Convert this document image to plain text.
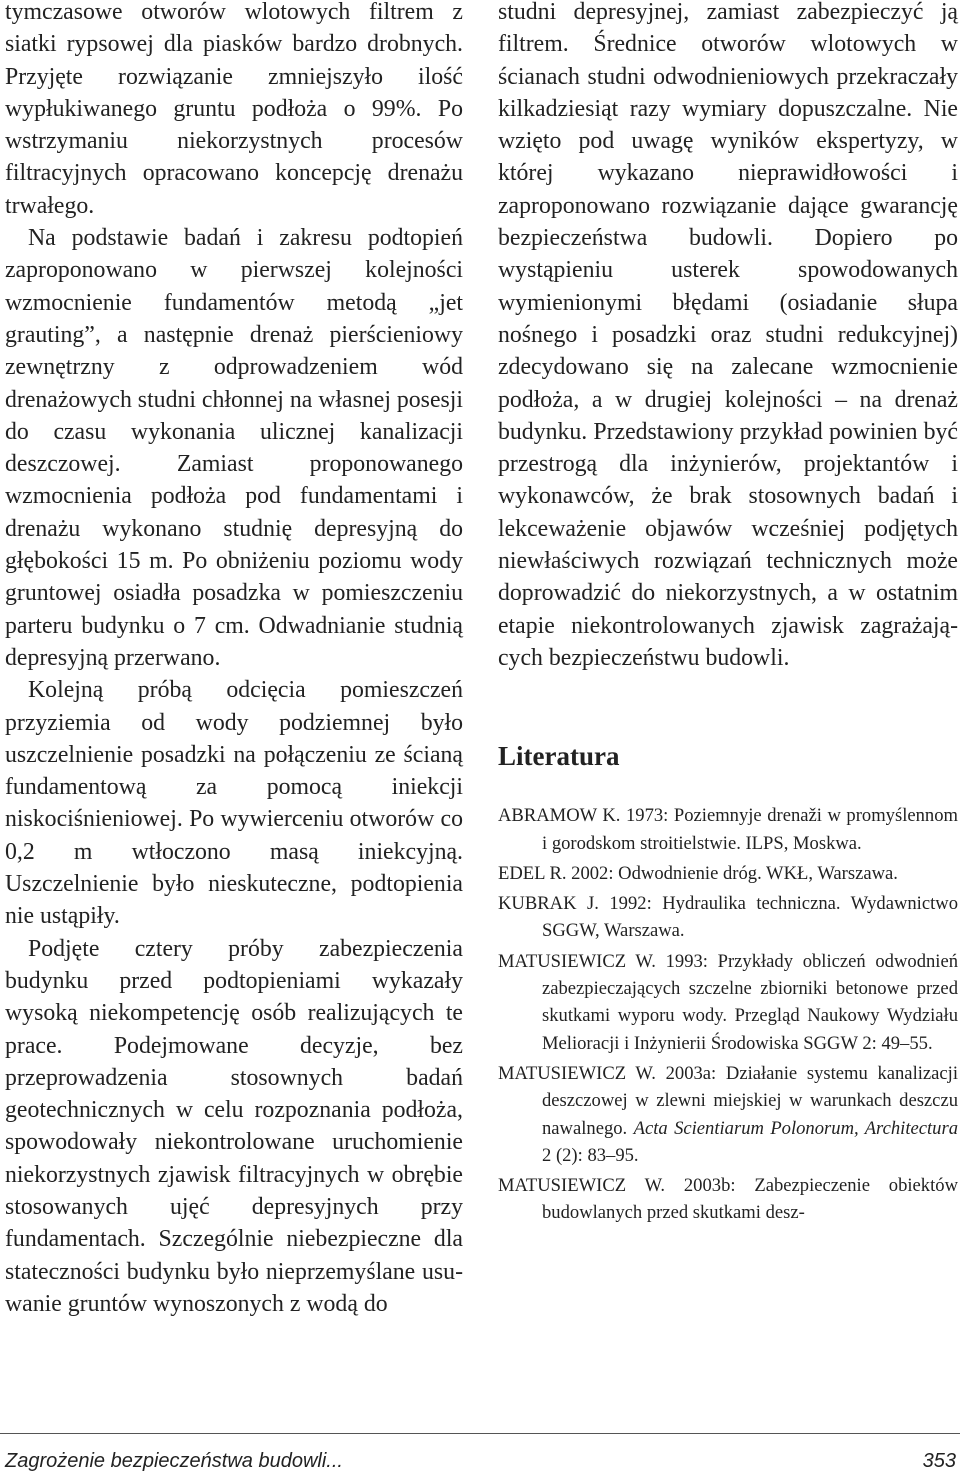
tymczasowe otworów wlotowych filtrem z siatki rypsowej dla piasków bardzo drobnych. Przyjęte rozwiązanie zmniejszyło ilość wypłukiwanego gruntu podłoża o 99%. Po wstrzymaniu niekorzystnych procesów filtracyjnych opracowano koncepcję drenażu trwałego.

Na podstawie badań i zakresu podtopień zaproponowano w pierwszej kolejności wzmocnienie fundamentów metodą „jet grauting”, a następnie drenaż pierścieniowy zewnętrzny z odprowadzeniem wód drenażowych studni chłonnej na własnej posesji do czasu wykonania ulicznej kanalizacji deszczowej. Zamiast proponowanego wzmocnienia podłoża pod fundamentami i drenażu wykonano studnię depresyjną do głębokości 15 m. Po obniżeniu poziomu wody gruntowej osiadła posadzka w pomieszczeniu parteru budynku o 7 cm. Odwadnianie studnią depresyjną przerwano.

Kolejną próbą odcięcia pomieszczeń przyziemia od wody podziemnej było uszczelnienie posadzki na połączeniu ze ścianą fundamentową za pomocą iniekcji niskociśnieniowej. Po wywierceniu otworów co 0,2 m wtłoczono masą iniekcyjną. Uszczelnienie było nieskuteczne, podtopienia nie ustąpiły.

Podjęte cztery próby zabezpieczenia budynku przed podtopieniami wykazały wysoką niekompetencję osób realizujących te prace. Podejmowane decyzje, bez przeprowadzenia stosownych badań geotechnicznych w celu rozpoznania podłoża, spowodowały niekontrolowane uruchomienie niekorzystnych zjawisk filtracyjnych w obrębie stosowanych ujęć depresyjnych przy fundamentach. Szczególnie niebezpieczne dla stateczności budynku było nieprzemyślane usuwanie gruntów wynoszonych z wodą do

studni depresyjnej, zamiast zabezpieczyć ją filtrem. Średnice otworów wlotowych w ścianach studni odwodnieniowych przekraczały kilkadziesiąt razy wymiary dopuszczalne. Nie wzięto pod uwagę wyników ekspertyzy, w której wykazano nieprawidłowości i zaproponowano rozwiązanie dające gwarancję bezpieczeństwa budowli. Dopiero po wystąpieniu usterek spowodowanych wymienionymi błędami (osiadanie słupa nośnego i posadzki oraz studni redukcyjnej) zdecydowano się na zalecane wzmocnienie podłoża, a w drugiej kolejności – na drenaż budynku. Przedstawiony przykład powinien być przestrogą dla inżynierów, projektantów i wykonawców, że brak stosownych badań i lekceważenie objawów wcześniej podjętych niewłaściwych rozwiązań technicznych może doprowadzić do niekorzystnych, a w ostatnim etapie niekontrolowanych zjawisk zagrażających bezpieczeństwu budowli.

Literatura
ABRAMOW K. 1973: Poziemnyje drenaži w promyślennom i gorodskom stroitielstwie. ILPS, Moskwa.
EDEL R. 2002: Odwodnienie dróg. WKŁ, Warszawa.
KUBRAK J. 1992: Hydraulika techniczna. Wydawnictwo SGGW, Warszawa.
MATUSIEWICZ W. 1993: Przykłady obliczeń odwodnień zabezpieczających szczelne zbiorniki betonowe przed skutkami wyporu wody. Przegląd Naukowy Wydziału Melioracji i Inżynierii Środowiska SGGW 2: 49–55.
MATUSIEWICZ W. 2003a: Działanie systemu kanalizacji deszczowej w zlewni miejskiej w warunkach deszczu nawalnego. Acta Scientiarum Polonorum, Architectura 2 (2): 83–95.
MATUSIEWICZ W. 2003b: Zabezpieczenie obiektów budowlanych przed skutkami desz-
Zagrożenie bezpieczeństwa budowli...	353
